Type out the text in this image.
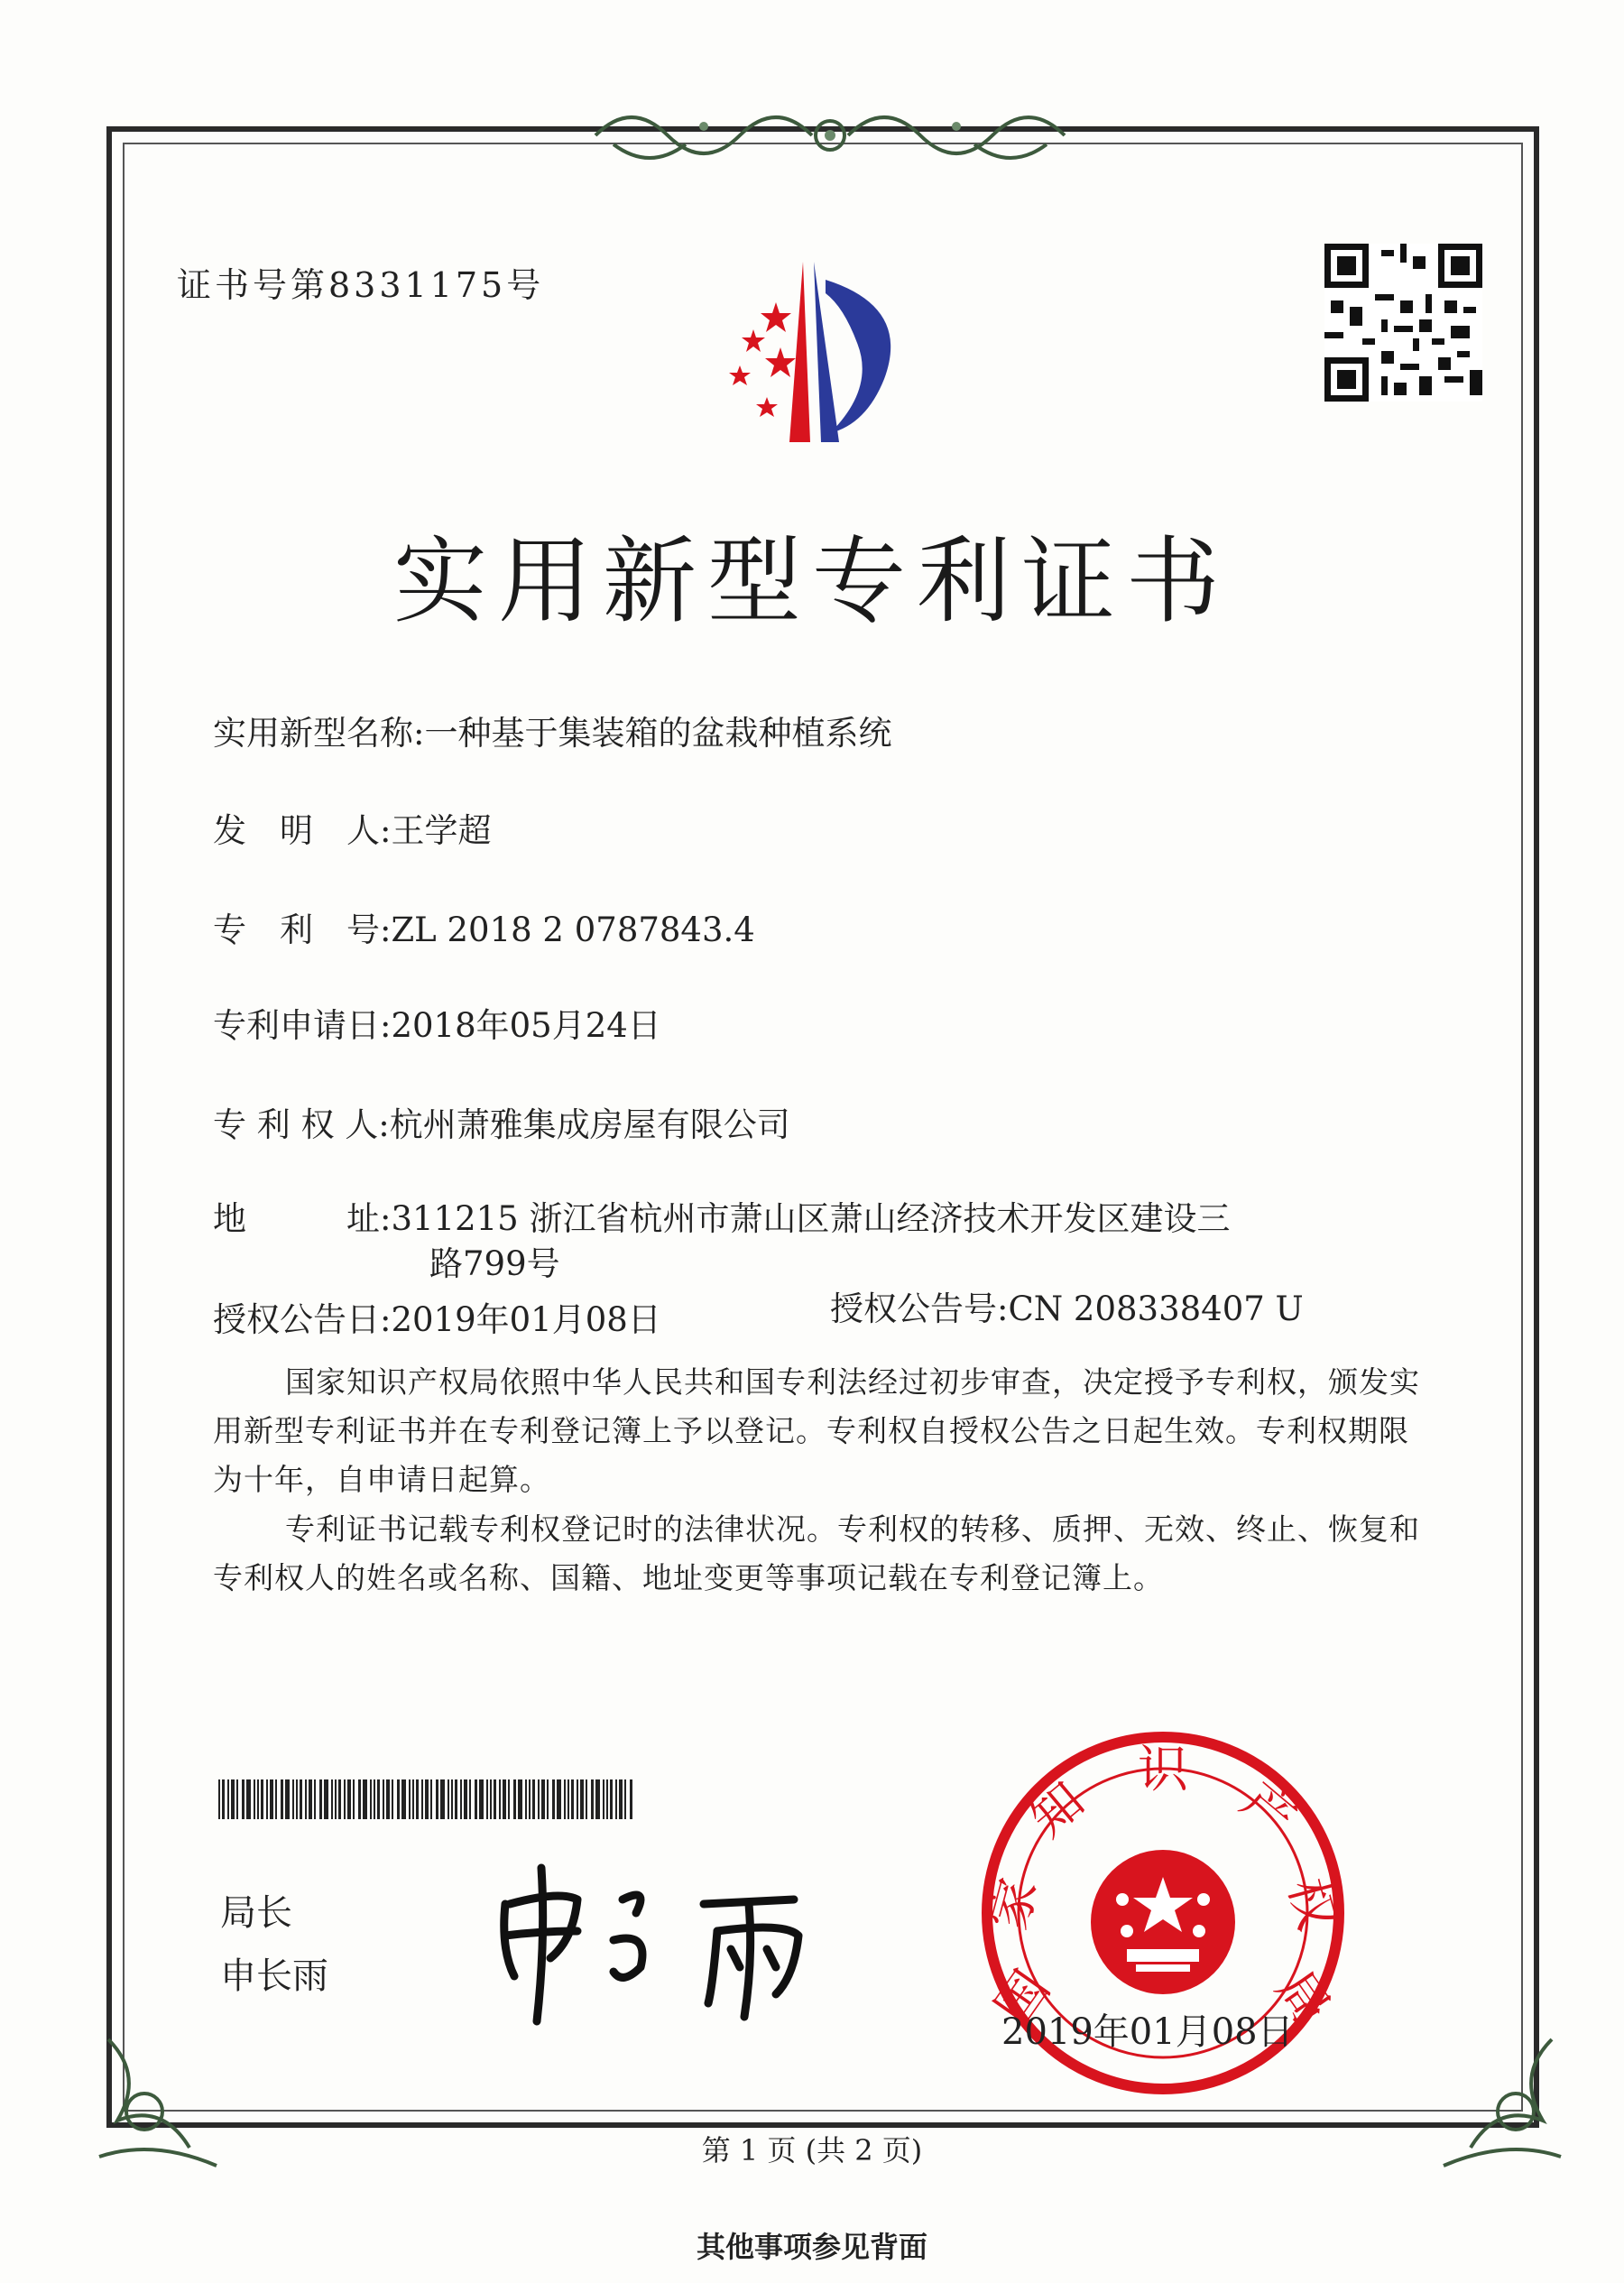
证书号第8331175号
实用新型专利证书
实用新型名称:一种基于集装箱的盆栽种植系统
发　明　人:王学超
专　利　号:ZL 2018 2 0787843.4
专利申请日:2018年05月24日
专 利 权 人:杭州萧雅集成房屋有限公司
地　　　址:311215 浙江省杭州市萧山区萧山经济技术开发区建设三
路799号
授权公告日:2019年01月08日	授权公告号:CN 208338407 U
国家知识产权局依照中华人民共和国专利法经过初步审查，决定授予专利权，颁发实用新型专利证书并在专利登记簿上予以登记。专利权自授权公告之日起生效。专利权期限为十年，自申请日起算。
专利证书记载专利权登记时的法律状况。专利权的转移、质押、无效、终止、恢复和专利权人的姓名或名称、国籍、地址变更等事项记载在专利登记簿上。
局长
申长雨	国
家
知
识
产
权
局
2019年01月08日
第 1 页 (共 2 页)
其他事项参见背面
